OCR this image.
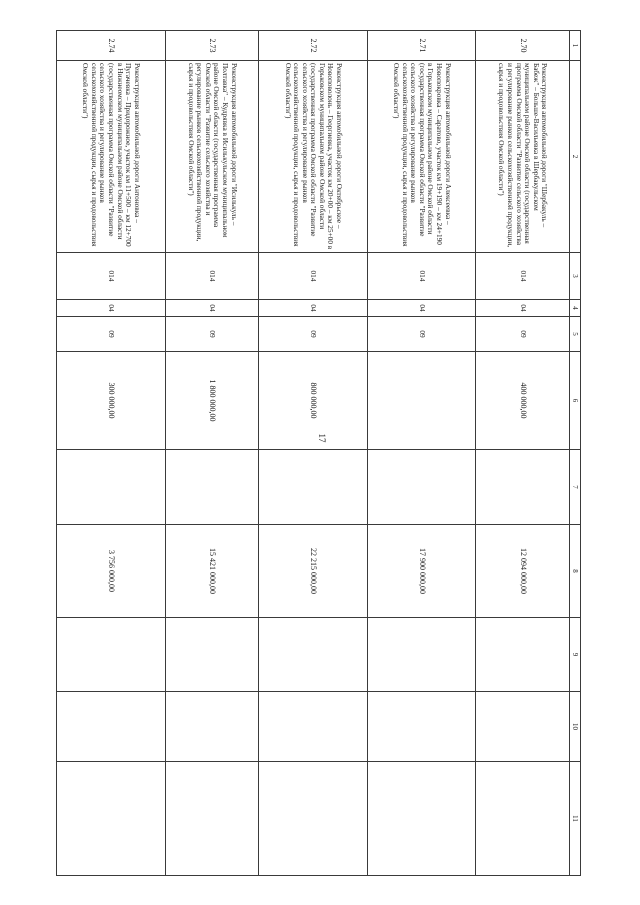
17
1	2	3	4	5	6	7	8	9	10	11
2.70	Реконструкция автомобильной дороги "Шербакуль – Бабеж" – Больше-Васильевка в Шербакульском муниципальном районе Омской области (государственная программа Омской области "Развитие сельского хозяйства и регулирование рынков сельскохозяйственной продукции, сырья и продовольствия Омской области")	014	04	09	400 000,00		12 094 000,00			
2.71	Реконструкция автомобильной дороги Алексеевка – Новопокровка – Саратово, участок км 19+190 – км 24+190 в Горьковском муниципальном районе Омской области (государственная программа Омской области "Развитие сельского хозяйства и регулирование рынков сельскохозяйственной продукции, сырья и продовольствия Омской области")	014	04	09			17 900 000,00			
2.72	Реконструкция автомобильной дороги Октябрьское – Новоповолонь – Георгиевка, участок км 20+00 – км 25+00 в Горьковском муниципальном районе Омской области (государственная программа Омской области "Развитие сельского хозяйства и регулирование рынков сельскохозяйственной продукции, сырья и продовольствия Омской области")	014	04	09	800 000,00		22 215 000,00			
2.73	Реконструкция автомобильной дороги "Исилькуль – Полтавка" – Кудрявка в Исилькульском муниципальном районе Омской области (государственная программа Омской области "Развитие сельского хозяйства и регулирование рынков сельскохозяйственной продукции, сырья и продовольствия Омской области")	014	04	09	1 800 000,00		15 421 000,00			
2.74	Реконструкция автомобильной дороги Антоновка – Пугачевка – Придорожное, участок км 11+500 – км 12+700 в Нижнеомском муниципальном районе Омской области (государственная программа Омской области "Развитие сельского хозяйства и регулирование рынков сельскохозяйственной продукции, сырья и продовольствия Омской области")	014	04	09	300 000,00		3 756 000,00			
